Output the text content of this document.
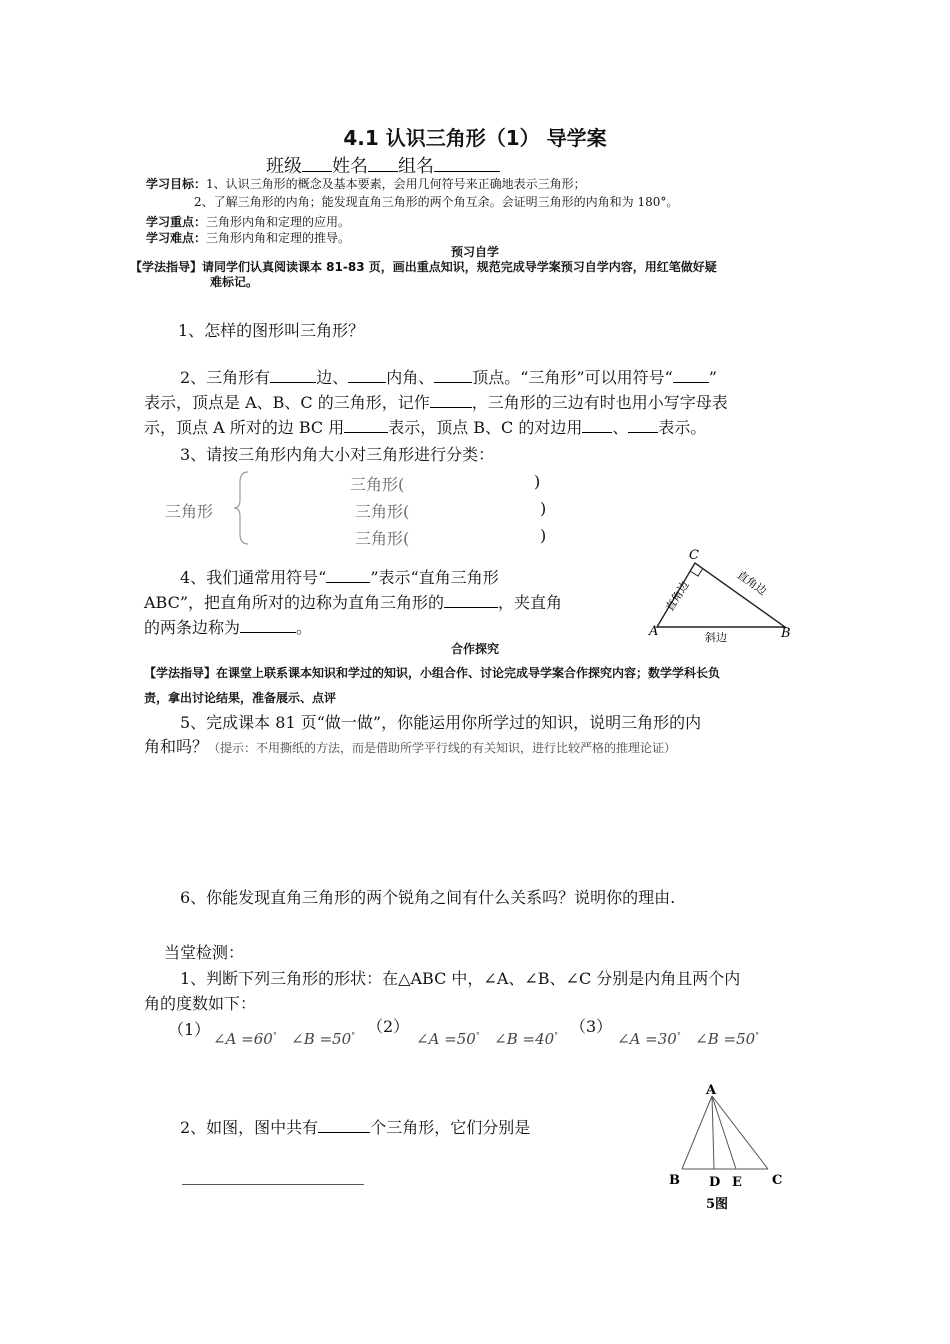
4.1 认识三角形（1） 导学案
班级 姓名 组名
学习目标：1、认识三角形的概念及基本要素，会用几何符号来正确地表示三角形；
2、了解三角形的内角；能发现直角三角形的两个角互余。会证明三角形的内角和为 180°。
学习重点：三角形内角和定理的应用。
学习难点：三角形内角和定理的推导。
预习自学
【学法指导】请同学们认真阅读课本 81-83 页，画出重点知识，规范完成导学案预习自学内容，用红笔做好疑
难标记。
1、怎样的图形叫三角形？
2、三角形有	边、 内角、 顶点。“三角形”可以用符号“ ”
表示，顶点是 A、B、C 的三角形，记作	，三角形的三边有时也用小写字母表
示，顶点 A 所对的边 BC 用	表示，顶点 B、C 的对边用 、 表示。
3、请按三角形内角大小对三角形进行分类：
三角形
三角形(	)
三角形(	)
三角形(	)
4、我们通常用符号“	”表示“直角三角形
ABC”，把直角所对的边称为直角三角形的	，夹直角
的两条边称为	。
C
A	B
直角边	直角边
斜边
合作探究
【学法指导】在课堂上联系课本知识和学过的知识，小组合作、讨论完成导学案合作探究内容；数学学科长负
责，拿出讨论结果，准备展示、点评
5、完成课本 81 页“做一做”，你能运用你所学过的知识，说明三角形的内
角和吗？（提示：不用撕纸的方法，而是借助所学平行线的有关知识，进行比较严格的推理论证）
6、你能发现直角三角形的两个锐角之间有什么关系吗？说明你的理由.
当堂检测：
1、判断下列三角形的形状：在△ABC 中，∠A、∠B、∠C 分别是内角且两个内
角的度数如下：
（1） ∠A =60° ∠B =50° （2）
∠A =50° ∠B =40° （3）
∠A =30° ∠B =50°
2、如图，图中共有	个三角形，它们分别是
A
B D E C
5图
